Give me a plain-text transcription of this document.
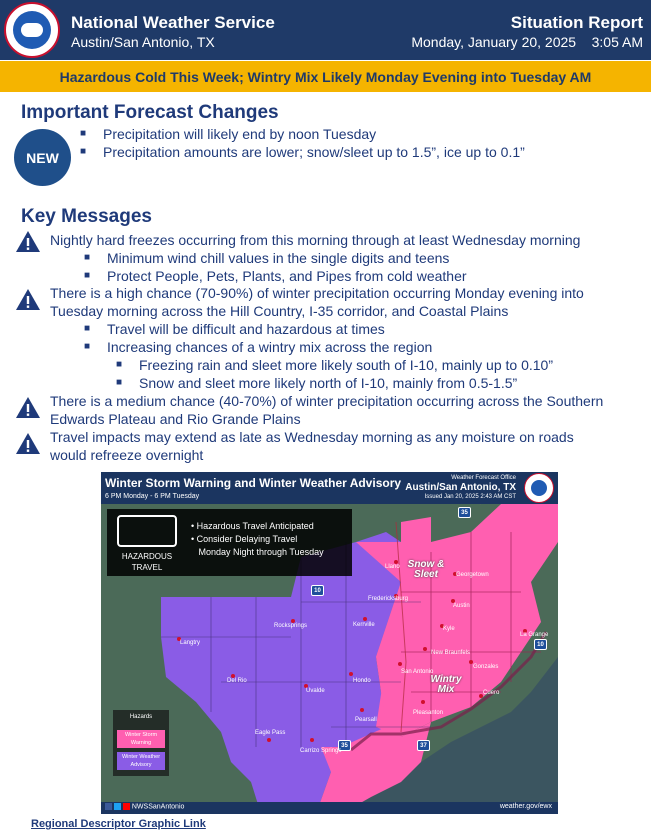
National Weather Service
Austin/San Antonio, TX
Situation Report
Monday, January 20, 2025    3:05 AM
Hazardous Cold This Week; Wintry Mix Likely Monday Evening into Tuesday AM
Important Forecast Changes
NEW
■ Precipitation will likely end by noon Tuesday
■ Precipitation amounts are lower; snow/sleet up to 1.5”, ice up to 0.1”
Key Messages
Nightly hard freezes occurring from this morning through at least Wednesday morning
■ Minimum wind chill values in the single digits and teens
■ Protect People, Pets, Plants, and Pipes from cold weather
There is a high chance (70-90%) of winter precipitation occurring Monday evening into
Tuesday morning across the Hill Country, I-35 corridor, and Coastal Plains
■ Travel will be difficult and hazardous at times
■ Increasing chances of a wintry mix across the region
■ Freezing rain and sleet more likely south of I-10, mainly up to 0.10”
■ Snow and sleet more likely north of I-10, mainly from 0.5-1.5”
There is a medium chance (40-70%) of winter precipitation occurring across the Southern
Edwards Plateau and Rio Grande Plains
Travel impacts may extend as late as Wednesday morning as any moisture on roads
would refreeze overnight
Winter Storm Warning and Winter Weather Advisory
6 PM Monday - 6 PM Tuesday
Weather Forecast Office
Austin/San Antonio, TX
Issued Jan 20, 2025 2:43 AM CST
HAZARDOUS TRAVEL
• Hazardous Travel Anticipated
• Consider Delaying Travel
Monday Night through Tuesday
Snow & Sleet
Wintry Mix
35
10
10
35	37
Llano
Georgetown
Fredericksburg
Austin
Langtry
Rocksprings	Kerrville
Kyle
La Grange
New Braunfels
Del Rio
Gonzales
Uvalde
Hondo
San Antonio
Cuero
Pleasanton
Pearsall
Eagle Pass
Carrizo Springs
Hazards
Winter Storm Warning
Winter Weather Advisory
NWSSanAntonio	weather.gov/ewx
Regional Descriptor Graphic Link
